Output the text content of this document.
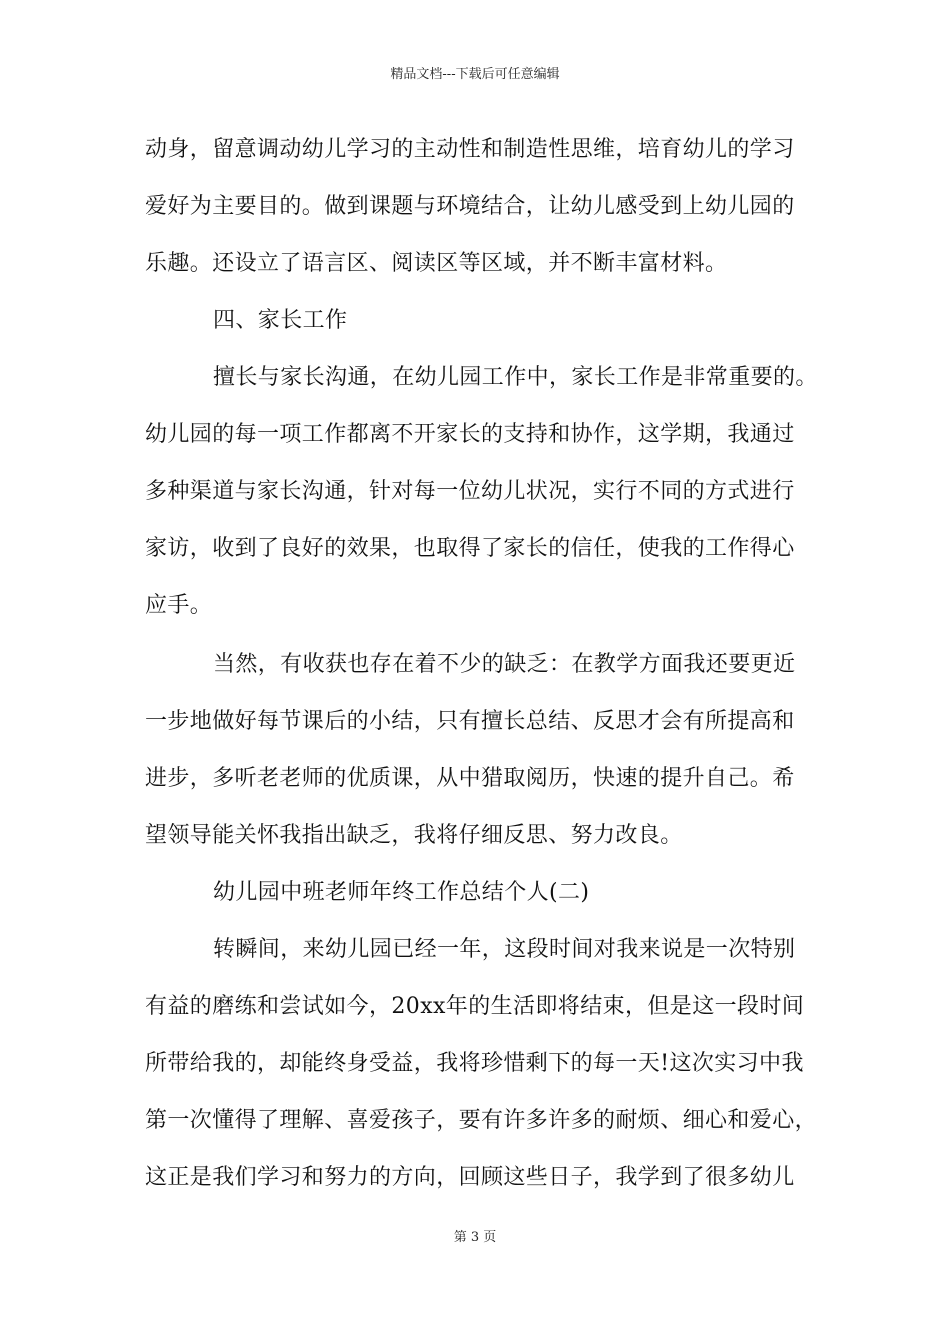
精品文档---下载后可任意编辑
动身，留意调动幼儿学习的主动性和制造性思维，培育幼儿的学习
爱好为主要目的。做到课题与环境结合，让幼儿感受到上幼儿园的
乐趣。还设立了语言区、阅读区等区域，并不断丰富材料。
四、家长工作
擅长与家长沟通，在幼儿园工作中，家长工作是非常重要的。
幼儿园的每一项工作都离不开家长的支持和协作，这学期，我通过
多种渠道与家长沟通，针对每一位幼儿状况，实行不同的方式进行
家访，收到了良好的效果，也取得了家长的信任，使我的工作得心
应手。
当然，有收获也存在着不少的缺乏：在教学方面我还要更近
一步地做好每节课后的小结，只有擅长总结、反思才会有所提高和
进步，多听老老师的优质课，从中猎取阅历，快速的提升自己。希
望领导能关怀我指出缺乏，我将仔细反思、努力改良。
幼儿园中班老师年终工作总结个人(二)
转瞬间，来幼儿园已经一年，这段时间对我来说是一次特别
有益的磨练和尝试如今，20xx年的生活即将结束，但是这一段时间
所带给我的，却能终身受益，我将珍惜剩下的每一天!这次实习中我
第一次懂得了理解、喜爱孩子，要有许多许多的耐烦、细心和爱心，
这正是我们学习和努力的方向，回顾这些日子，我学到了很多幼儿
第 3 页
